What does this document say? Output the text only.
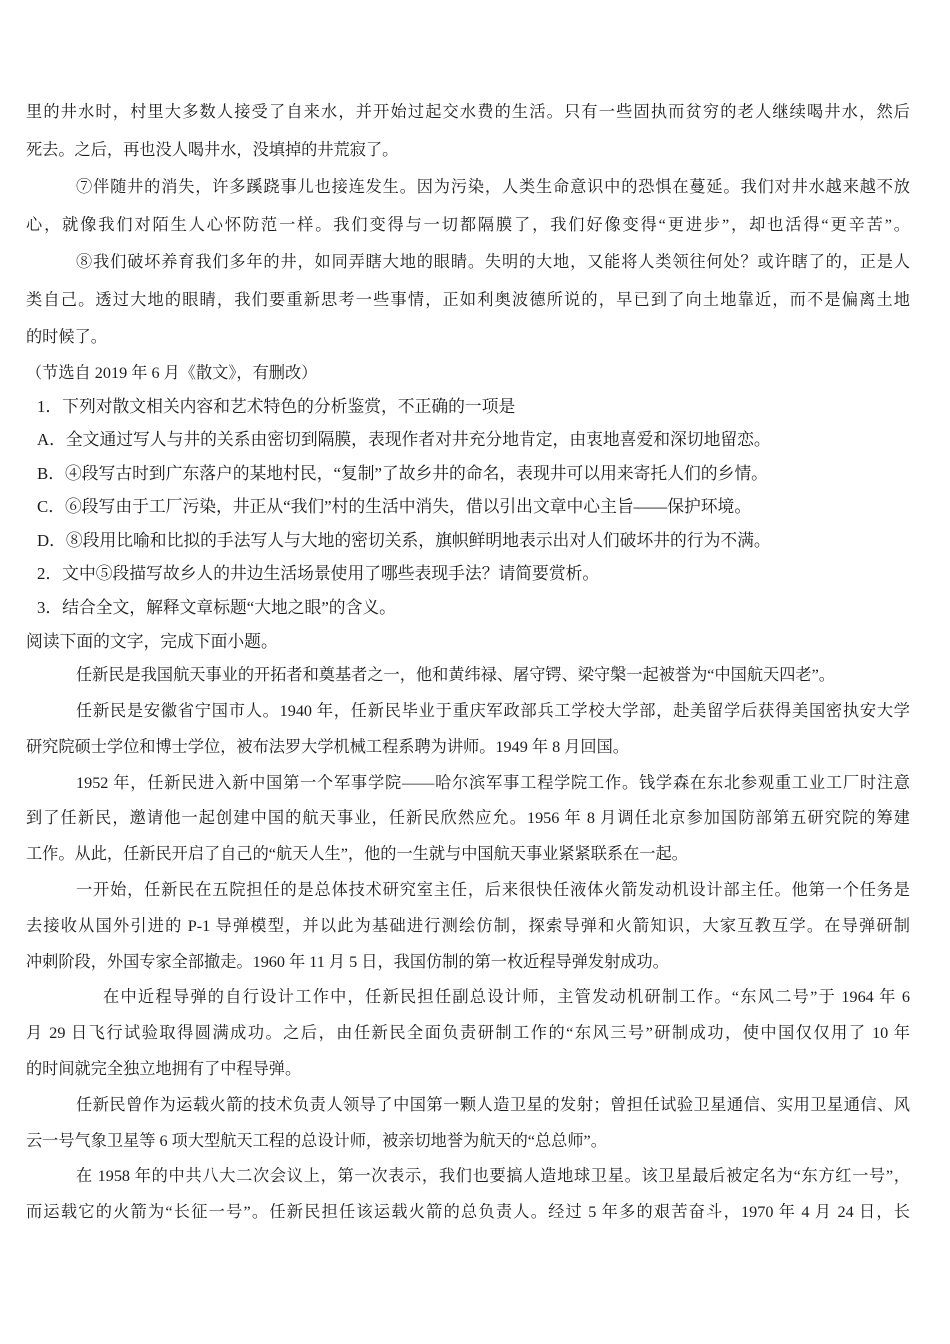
里的井水时，村里大多数人接受了自来水，并开始过起交水费的生活。只有一些固执而贫穷的老人继续喝井水，然后
死去。之后，再也没人喝井水，没填掉的井荒寂了。
⑦伴随井的消失，许多蹊跷事儿也接连发生。因为污染，人类生命意识中的恐惧在蔓延。我们对井水越来越不放
心，就像我们对陌生人心怀防范一样。我们变得与一切都隔膜了，我们好像变得“更进步”，却也活得“更辛苦”。
⑧我们破坏养育我们多年的井，如同弄瞎大地的眼睛。失明的大地，又能将人类领往何处？或许瞎了的，正是人
类自己。透过大地的眼睛，我们要重新思考一些事情，正如利奥波德所说的，早已到了向土地靠近，而不是偏离土地
的时候了。
（节选自 2019 年 6 月《散文》，有删改）
1．下列对散文相关内容和艺术特色的分析鉴赏，不正确的一项是
A．全文通过写人与井的关系由密切到隔膜，表现作者对井充分地肯定，由衷地喜爱和深切地留恋。
B．④段写古时到广东落户的某地村民，“复制”了故乡井的命名，表现井可以用来寄托人们的乡情。
C．⑥段写由于工厂污染，井正从“我们”村的生活中消失，借以引出文章中心主旨——保护环境。
D．⑧段用比喻和比拟的手法写人与大地的密切关系，旗帜鲜明地表示出对人们破坏井的行为不满。
2．文中⑤段描写故乡人的井边生活场景使用了哪些表现手法？请简要赏析。
3．结合全文，解释文章标题“大地之眼”的含义。
阅读下面的文字，完成下面小题。
任新民是我国航天事业的开拓者和奠基者之一，他和黄纬禄、屠守锷、梁守槃一起被誉为“中国航天四老”。
任新民是安徽省宁国市人。1940 年，任新民毕业于重庆军政部兵工学校大学部，赴美留学后获得美国密执安大学
研究院硕士学位和博士学位，被布法罗大学机械工程系聘为讲师。1949 年 8 月回国。
1952 年，任新民进入新中国第一个军事学院——哈尔滨军事工程学院工作。钱学森在东北参观重工业工厂时注意
到了任新民，邀请他一起创建中国的航天事业，任新民欣然应允。1956 年 8 月调任北京参加国防部第五研究院的筹建
工作。从此，任新民开启了自己的“航天人生”，他的一生就与中国航天事业紧紧联系在一起。
一开始，任新民在五院担任的是总体技术研究室主任，后来很快任液体火箭发动机设计部主任。他第一个任务是
去接收从国外引进的 P-1 导弹模型，并以此为基础进行测绘仿制，探索导弹和火箭知识，大家互教互学。在导弹研制
冲刺阶段，外国专家全部撤走。1960 年 11 月 5 日，我国仿制的第一枚近程导弹发射成功。
在中近程导弹的自行设计工作中，任新民担任副总设计师，主管发动机研制工作。“东风二号”于 1964 年 6
月 29 日飞行试验取得圆满成功。之后，由任新民全面负责研制工作的“东风三号”研制成功，使中国仅仅用了 10 年
的时间就完全独立地拥有了中程导弹。
任新民曾作为运载火箭的技术负责人领导了中国第一颗人造卫星的发射；曾担任试验卫星通信、实用卫星通信、风
云一号气象卫星等 6 项大型航天工程的总设计师，被亲切地誉为航天的“总总师”。
在 1958 年的中共八大二次会议上，第一次表示，我们也要搞人造地球卫星。该卫星最后被定名为“东方红一号”，
而运载它的火箭为“长征一号”。任新民担任该运载火箭的总负责人。经过 5 年多的艰苦奋斗，1970 年 4 月 24 日，长
